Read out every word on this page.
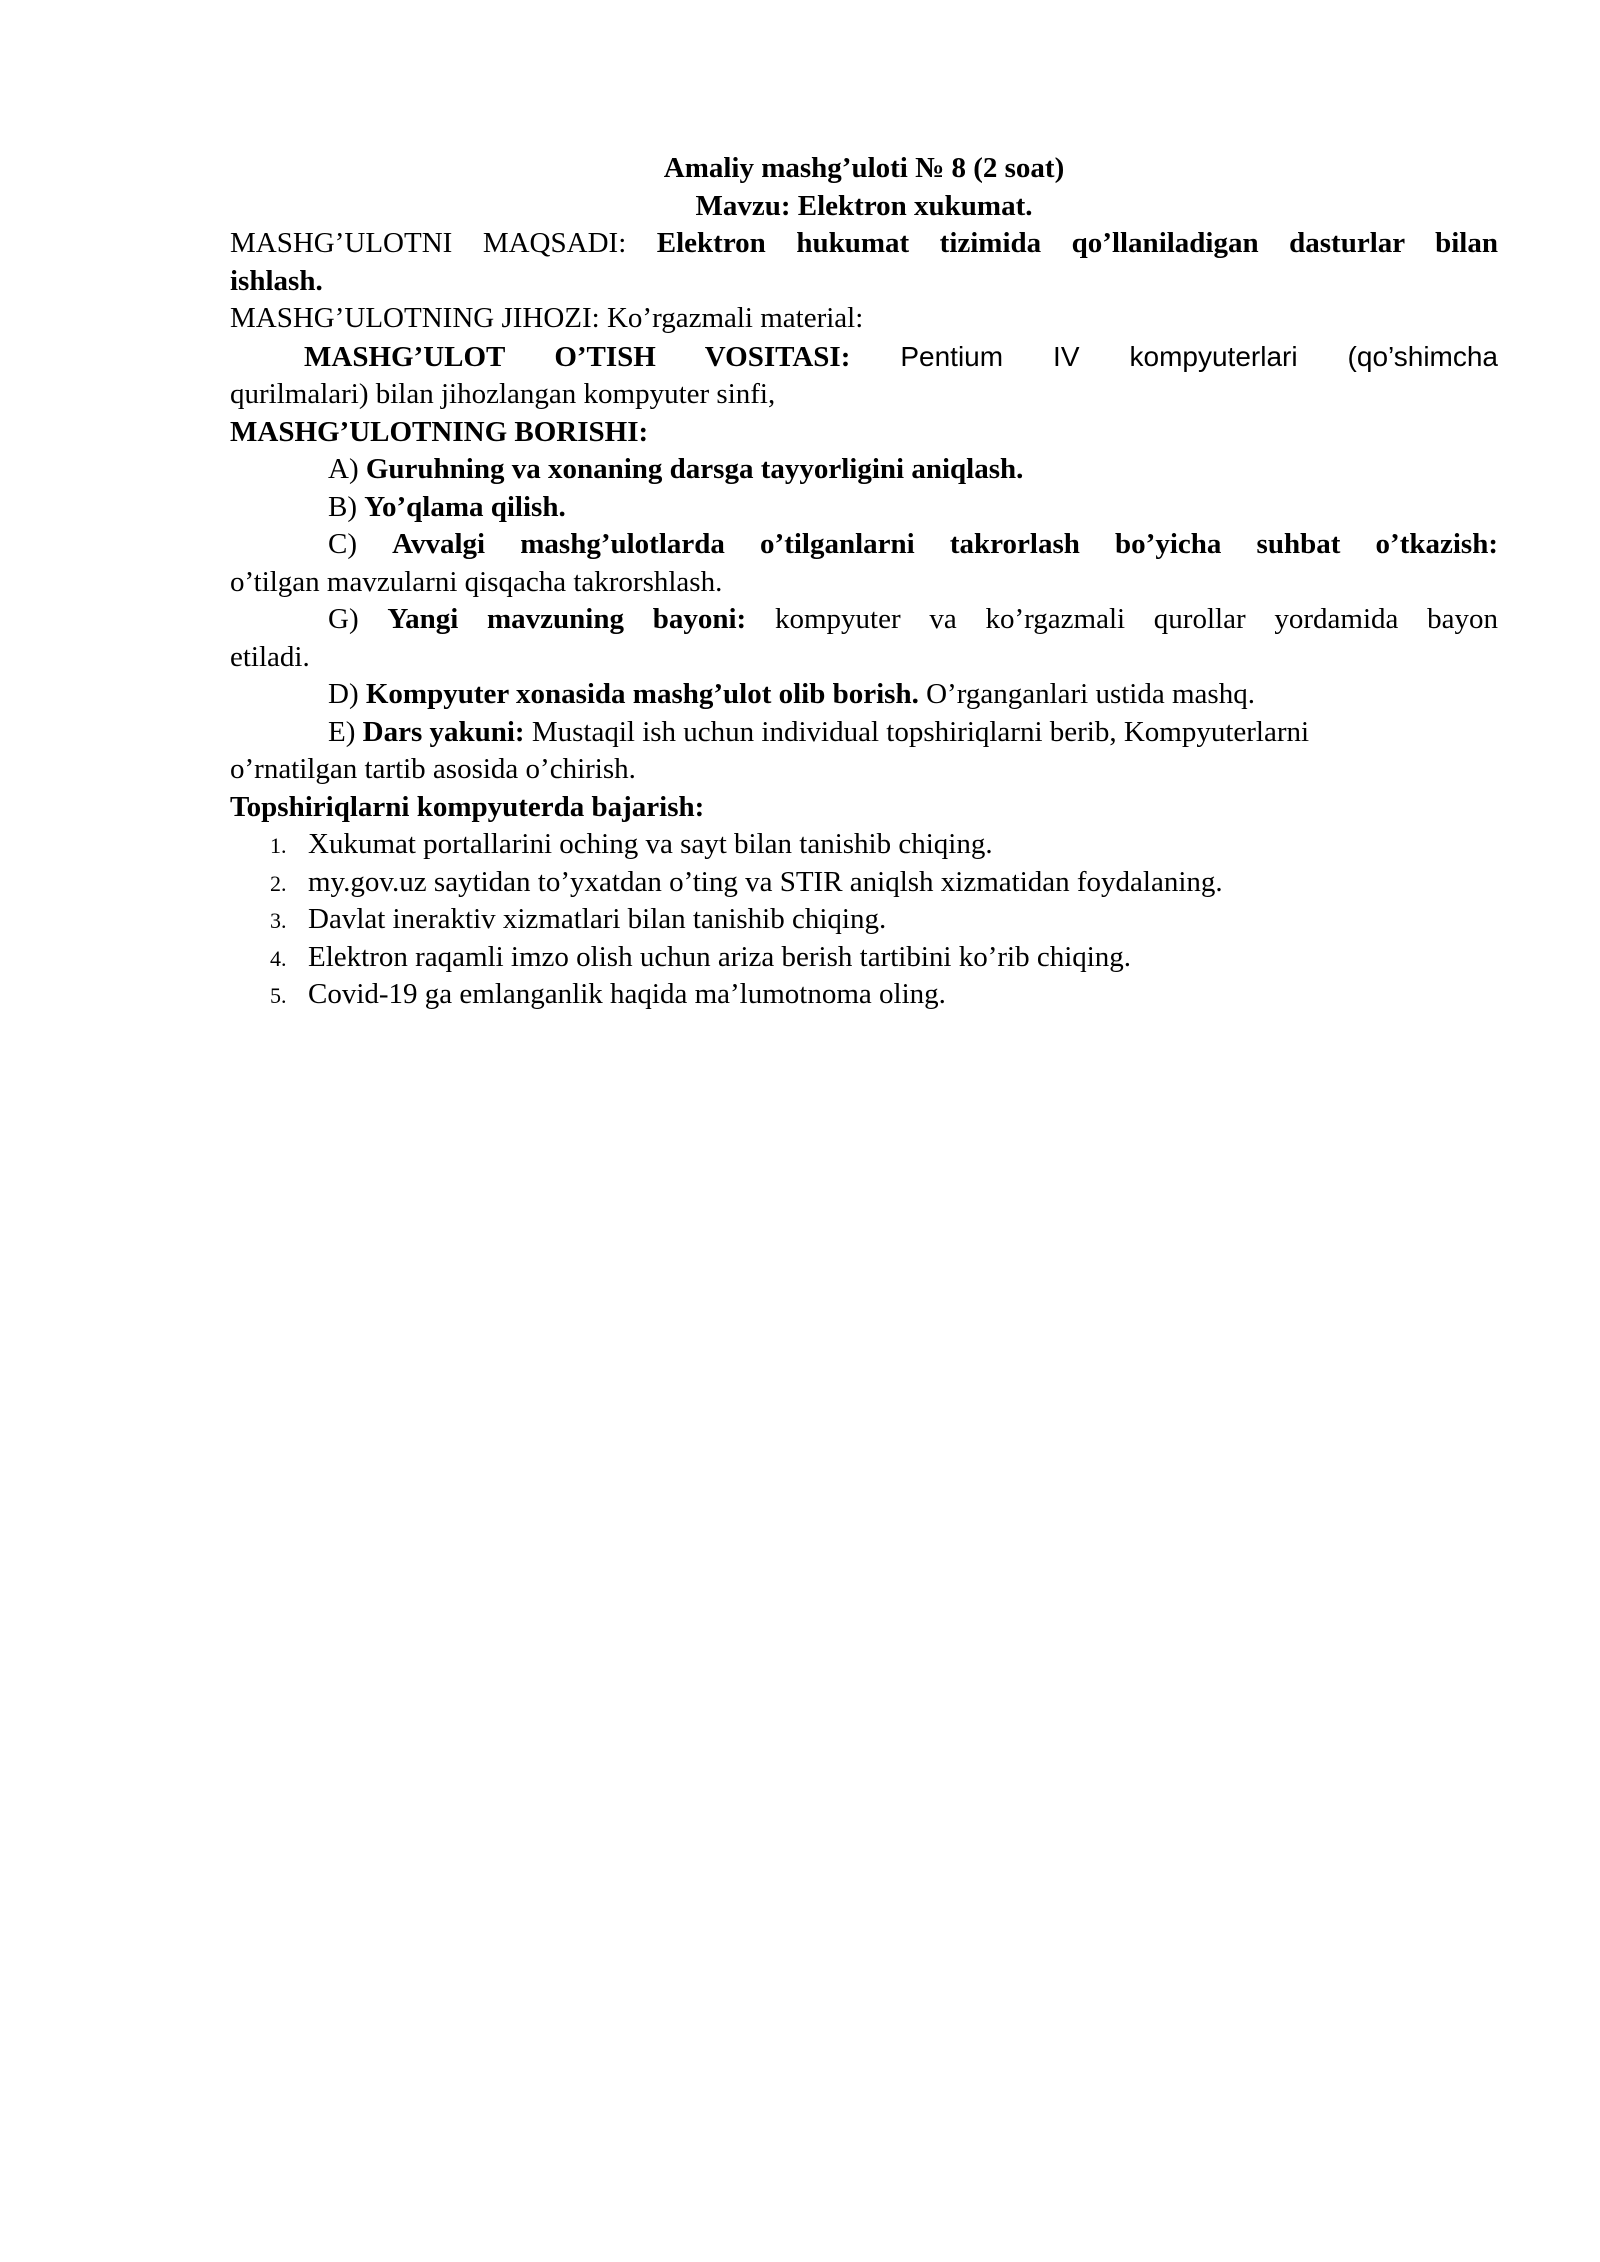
Amaliy mashg’uloti № 8 (2 soat)
Mavzu: Elektron xukumat.
MASHG’ULOTNI MAQSADI: Elektron hukumat tizimida qo’llaniladigan dasturlar bilan
ishlash.
MASHG’ULOTNING JIHOZI: Ko’rgazmali material:
MASHG’ULOT O’TISH VOSITASI: Pentium IV kompyuterlari (qo’shimcha
qurilmalari) bilan jihozlangan kompyuter sinfi,
MASHG’ULOTNING BORISHI:
A) Guruhning va xonaning darsga tayyorligini aniqlash.
B) Yo’qlama qilish.
C) Avvalgi mashg’ulotlarda o’tilganlarni takrorlash bo’yicha suhbat o’tkazish:
o’tilgan mavzularni qisqacha takrorshlash.
G) Yangi mavzuning bayoni: kompyuter va ko’rgazmali qurollar yordamida bayon
etiladi.
D) Kompyuter xonasida mashg’ulot olib borish. O’rganganlari ustida mashq.
E) Dars yakuni: Mustaqil ish uchun individual topshiriqlarni berib, Kompyuterlarni
o’rnatilgan tartib asosida o’chirish.
Topshiriqlarni kompyuterda bajarish:
1. Xukumat portallarini oching va sayt bilan tanishib chiqing.
2. my.gov.uz saytidan to’yxatdan o’ting va STIR aniqlsh xizmatidan foydalaning.
3. Davlat ineraktiv xizmatlari bilan tanishib chiqing.
4. Elektron raqamli imzo olish uchun ariza berish tartibini ko’rib chiqing.
5. Covid-19 ga emlanganlik haqida ma’lumotnoma oling.
